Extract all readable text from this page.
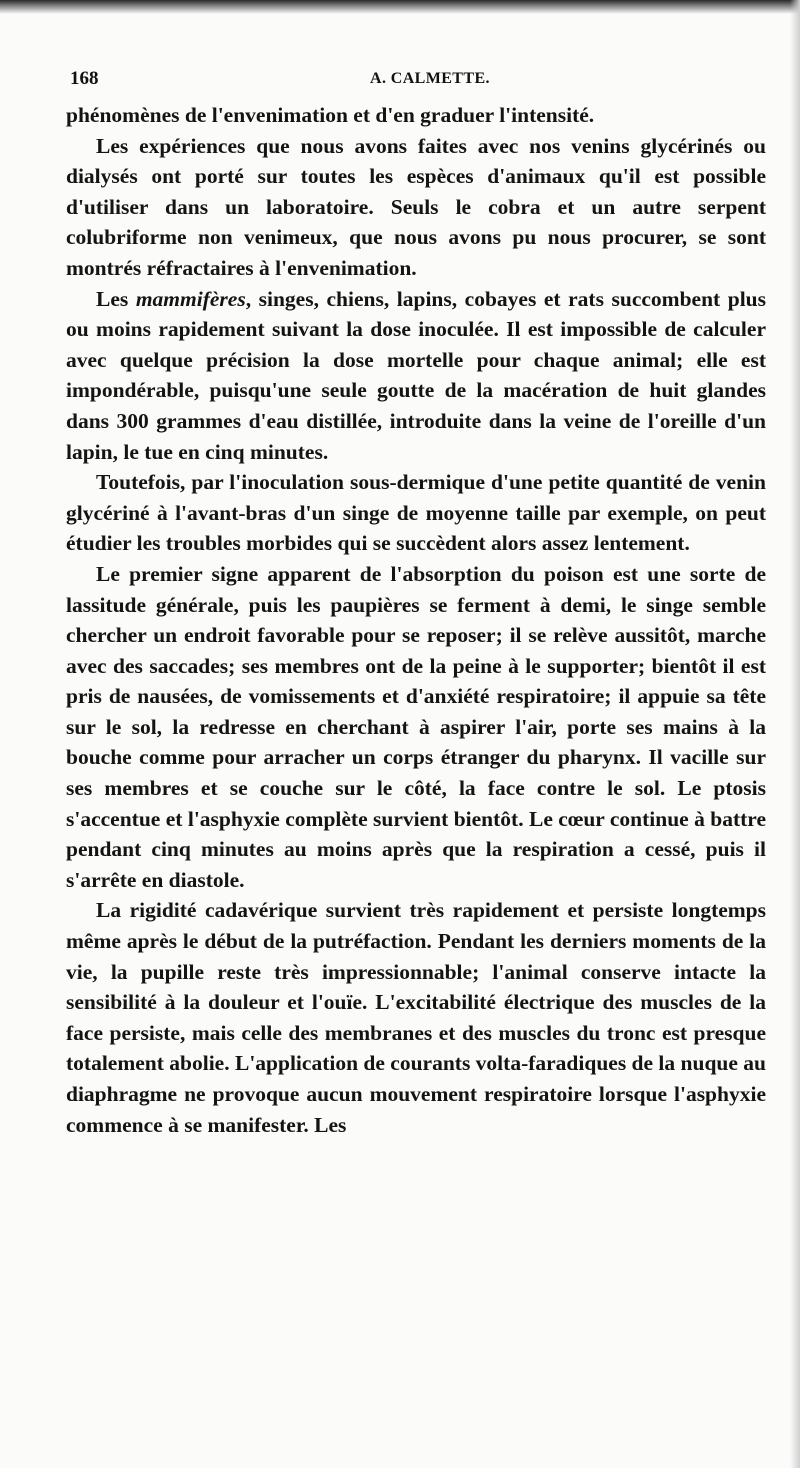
168	A. CALMETTE.

phénomènes de l'envenimation et d'en graduer l'intensité.

Les expériences que nous avons faites avec nos venins glycérinés ou dialysés ont porté sur toutes les espèces d'animaux qu'il est possible d'utiliser dans un laboratoire. Seuls le cobra et un autre serpent colubriforme non venimeux, que nous avons pu nous procurer, se sont montrés réfractaires à l'envenimation.

Les mammifères, singes, chiens, lapins, cobayes et rats succombent plus ou moins rapidement suivant la dose inoculée. Il est impossible de calculer avec quelque précision la dose mortelle pour chaque animal; elle est impondérable, puisqu'une seule goutte de la macération de huit glandes dans 300 grammes d'eau distillée, introduite dans la veine de l'oreille d'un lapin, le tue en cinq minutes.

Toutefois, par l'inoculation sous-dermique d'une petite quantité de venin glycériné à l'avant-bras d'un singe de moyenne taille par exemple, on peut étudier les troubles morbides qui se succèdent alors assez lentement.

Le premier signe apparent de l'absorption du poison est une sorte de lassitude générale, puis les paupières se ferment à demi, le singe semble chercher un endroit favorable pour se reposer; il se relève aussitôt, marche avec des saccades; ses membres ont de la peine à le supporter; bientôt il est pris de nausées, de vomissements et d'anxiété respiratoire; il appuie sa tête sur le sol, la redresse en cherchant à aspirer l'air, porte ses mains à la bouche comme pour arracher un corps étranger du pharynx. Il vacille sur ses membres et se couche sur le côté, la face contre le sol. Le ptosis s'accentue et l'asphyxie complète survient bientôt. Le cœur continue à battre pendant cinq minutes au moins après que la respiration a cessé, puis il s'arrête en diastole.

La rigidité cadavérique survient très rapidement et persiste longtemps même après le début de la putréfaction. Pendant les derniers moments de la vie, la pupille reste très impressionnable; l'animal conserve intacte la sensibilité à la douleur et l'ouïe. L'excitabilité électrique des muscles de la face persiste, mais celle des membranes et des muscles du tronc est presque totalement abolie. L'application de courants volta-faradiques de la nuque au diaphragme ne provoque aucun mouvement respiratoire lorsque l'asphyxie commence à se manifester. Les
